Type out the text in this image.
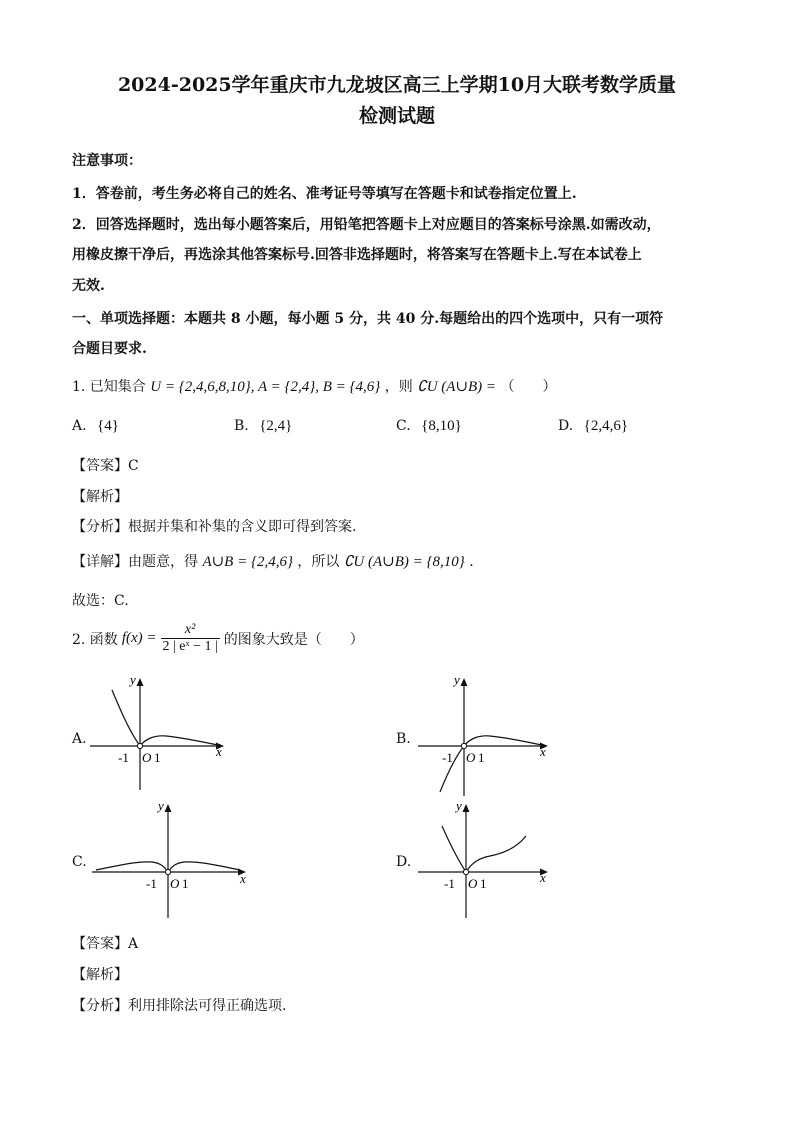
2024-2025学年重庆市九龙坡区高三上学期10月大联考数学质量
检测试题
注意事项：
1．答卷前，考生务必将自己的姓名、准考证号等填写在答题卡和试卷指定位置上.
2．回答选择题时，选出每小题答案后，用铅笔把答题卡上对应题目的答案标号涂黑.如需改动，
用橡皮擦干净后，再选涂其他答案标号.回答非选择题时，将答案写在答题卡上.写在本试卷上
无效.
一、单项选择题：本题共 8 小题，每小题 5 分，共 40 分.每题给出的四个选项中，只有一项符
合题目要求.
1. 已知集合 U = {2,4,6,8,10}, A = {2,4}, B = {4,6} ，则 ∁U (A∪B) = （　　）
A. {4}	B. {2,4}	C. {8,10}	D. {2,4,6}
【答案】C
【解析】
【分析】根据并集和补集的含义即可得到答案.
【详解】由题意，得 A∪B = {2,4,6} ，所以 ∁U (A∪B) = {8,10} .
故选：C.
2. 函数 $f(x) = \frac{\text{x²}}{\text{2 | eˣ − 1 |}}$ 的图象大致是（　　）
A.
y
x
-1 O 1
B.
y
x
-1 O 1
C.
y
x
-1 O 1
D.
y
x
-1 O 1
【答案】A
【解析】
【分析】利用排除法可得正确选项.
